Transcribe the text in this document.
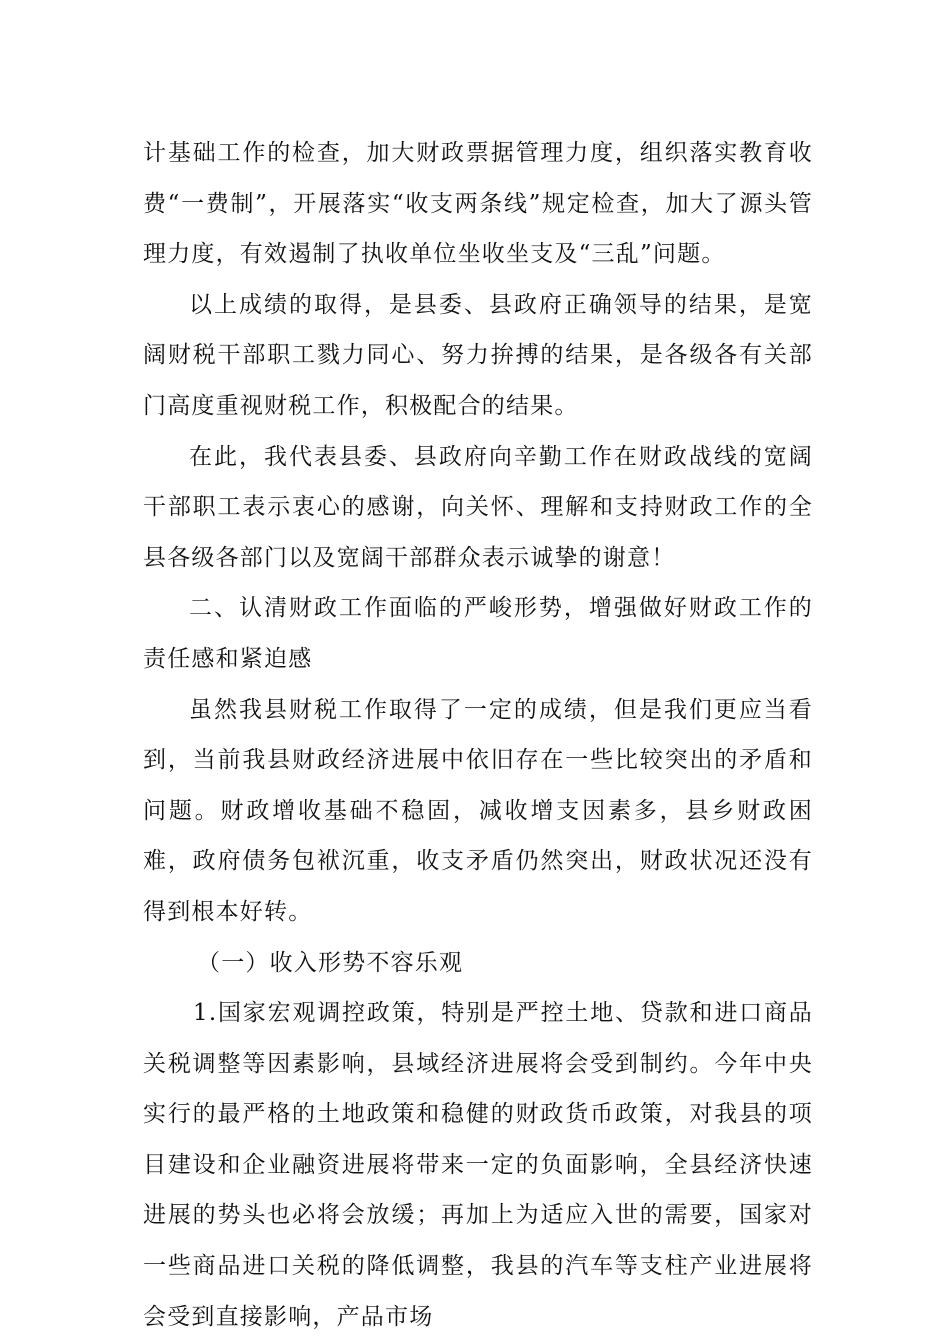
计基础工作的检查，加大财政票据管理力度，组织落实教育收费“一费制”，开展落实“收支两条线”规定检查，加大了源头管理力度，有效遏制了执收单位坐收坐支及“三乱”问题。

以上成绩的取得，是县委、县政府正确领导的结果，是宽阔财税干部职工戮力同心、努力拚搏的结果，是各级各有关部门高度重视财税工作，积极配合的结果。

在此，我代表县委、县政府向辛勤工作在财政战线的宽阔干部职工表示衷心的感谢，向关怀、理解和支持财政工作的全县各级各部门以及宽阔干部群众表示诚挚的谢意！

二、认清财政工作面临的严峻形势，增强做好财政工作的责任感和紧迫感

虽然我县财税工作取得了一定的成绩，但是我们更应当看到，当前我县财政经济进展中依旧存在一些比较突出的矛盾和问题。财政增收基础不稳固，减收增支因素多，县乡财政困难，政府债务包袱沉重，收支矛盾仍然突出，财政状况还没有得到根本好转。

（一）收入形势不容乐观

1.国家宏观调控政策，特别是严控土地、贷款和进口商品关税调整等因素影响，县域经济进展将会受到制约。今年中央实行的最严格的土地政策和稳健的财政货币政策，对我县的项目建设和企业融资进展将带来一定的负面影响，全县经济快速进展的势头也必将会放缓；再加上为适应入世的需要，国家对一些商品进口关税的降低调整，我县的汽车等支柱产业进展将会受到直接影响，产品市场
